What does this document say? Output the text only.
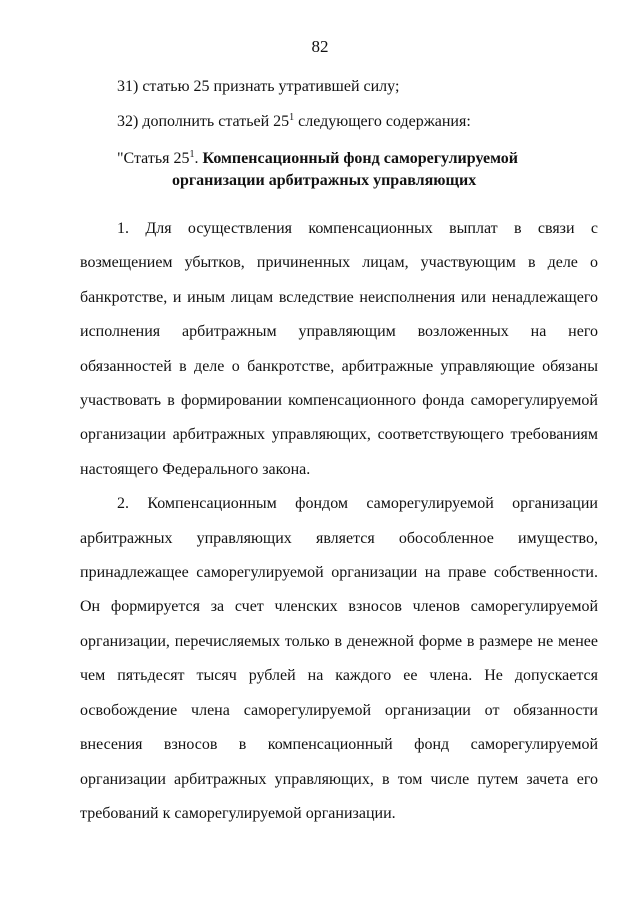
82
31) статью 25 признать утратившей силу;
32) дополнить статьей $25^1$ следующего содержания:
"Статья $25^1$. Компенсационный фонд саморегулируемой
организации арбитражных управляющих

1. Для осуществления компенсационных выплат в связи с возмещением убытков, причиненных лицам, участвующим в деле о банкротстве, и иным лицам вследствие неисполнения или ненадлежащего исполнения арбитражным управляющим возложенных на него обязанностей в деле о банкротстве, арбитражные управляющие обязаны участвовать в формировании компенсационного фонда саморегулируемой организации арбитражных управляющих, соответствующего требованиям настоящего Федерального закона.

2. Компенсационным фондом саморегулируемой организации арбитражных управляющих является обособленное имущество, принадлежащее саморегулируемой организации на праве собственности. Он формируется за счет членских взносов членов саморегулируемой организации, перечисляемых только в денежной форме в размере не менее чем пятьдесят тысяч рублей на каждого ее члена. Не допускается освобождение члена саморегулируемой организации от обязанности внесения взносов в компенсационный фонд саморегулируемой организации арбитражных управляющих, в том числе путем зачета его требований к саморегулируемой организации.
